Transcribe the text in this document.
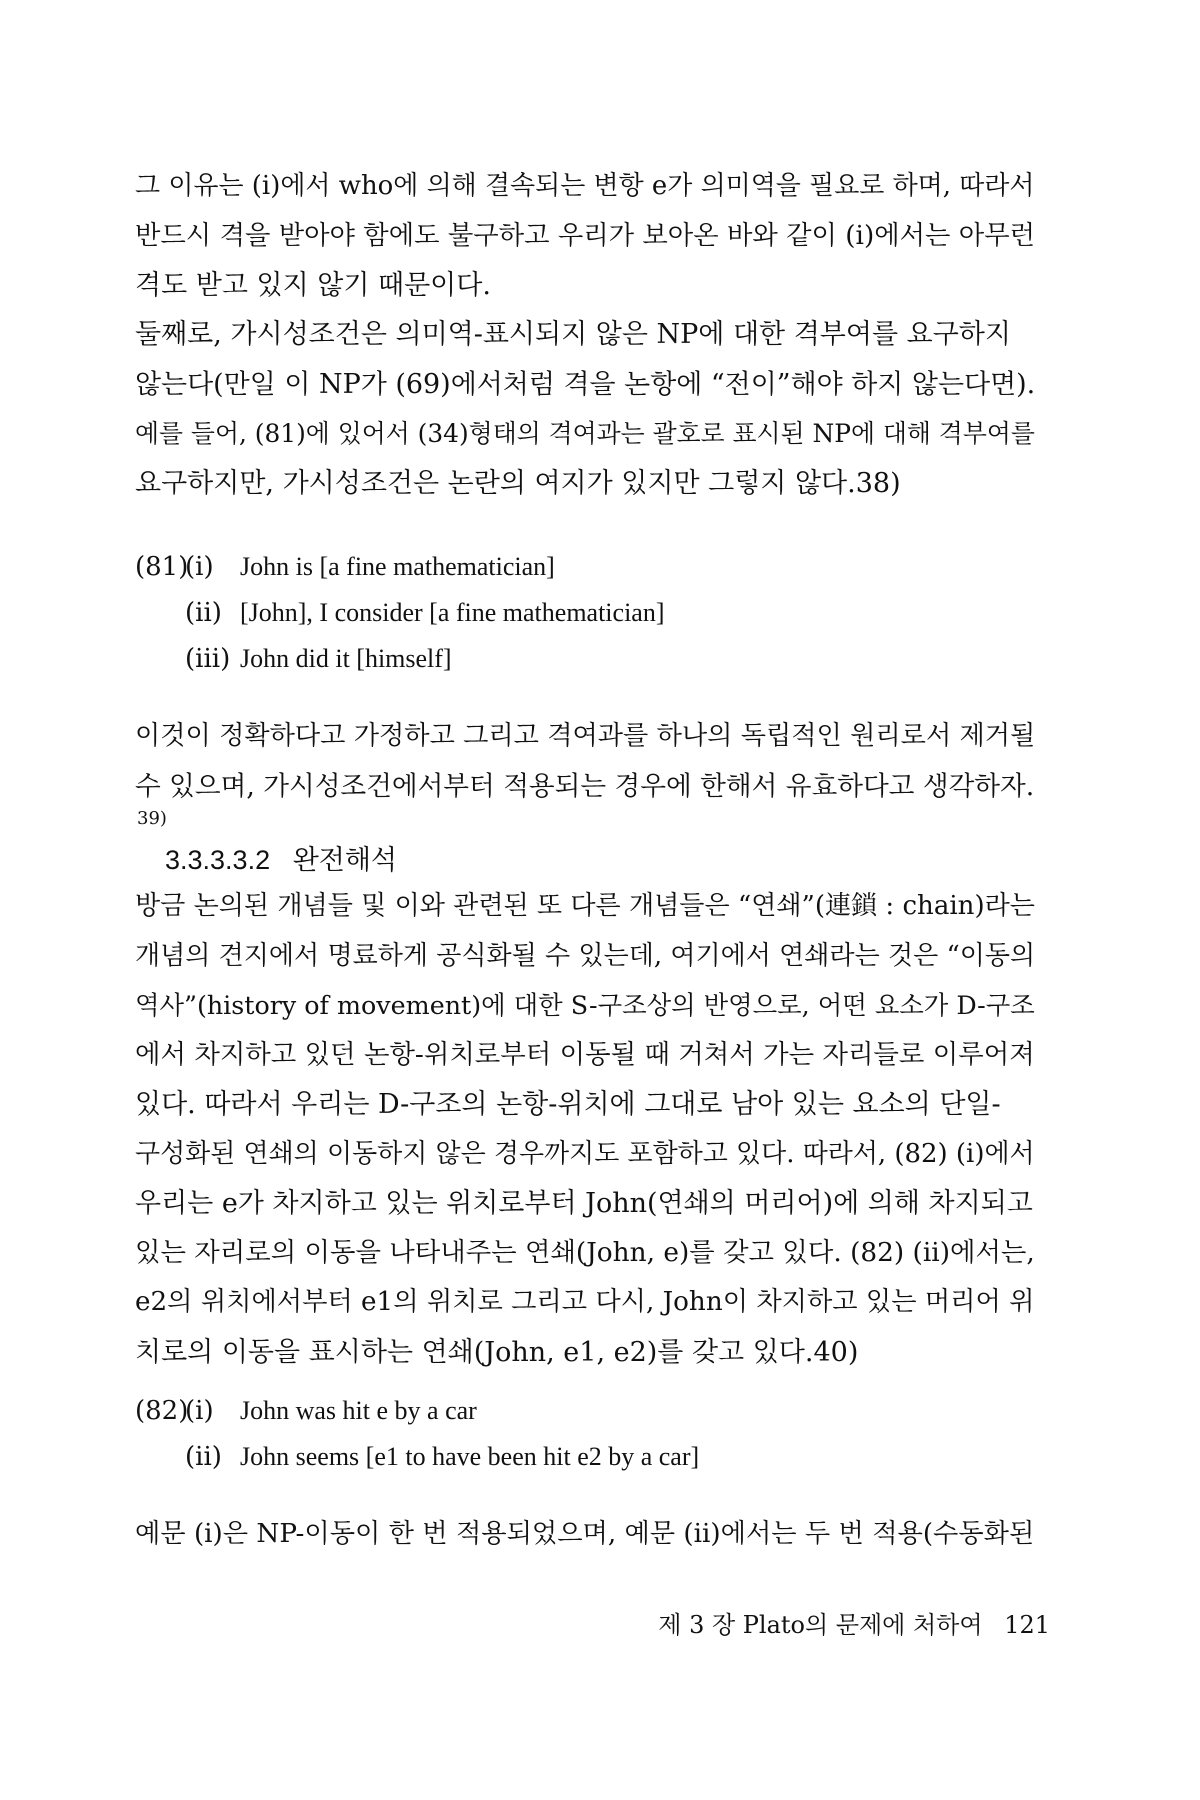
그 이유는 (i)에서 who에 의해 결속되는 변항 e가 의미역을 필요로 하며, 따라서
반드시 격을 받아야 함에도 불구하고 우리가 보아온 바와 같이 (i)에서는 아무런
격도 받고 있지 않기 때문이다.

둘째로, 가시성조건은 의미역-표시되지 않은 NP에 대한 격부여를 요구하지
않는다(만일 이 NP가 (69)에서처럼 격을 논항에 “전이”해야 하지 않는다면).
예를 들어, (81)에 있어서 (34)형태의 격여과는 괄호로 표시된 NP에 대해 격부여를
요구하지만, 가시성조건은 논란의 여지가 있지만 그렇지 않다.38)

(81)
(i) John is [a fine mathematician]
(ii) [John], I consider [a fine mathematician]
(iii) John did it [himself]

이것이 정확하다고 가정하고 그리고 격여과를 하나의 독립적인 원리로서 제거될
수 있으며, 가시성조건에서부터 적용되는 경우에 한해서 유효하다고 생각하자.

39)
3.3.3.3.2 완전해석

방금 논의된 개념들 및 이와 관련된 또 다른 개념들은 “연쇄”(連鎖 : chain)라는
개념의 견지에서 명료하게 공식화될 수 있는데, 여기에서 연쇄라는 것은 “이동의
역사”(history of movement)에 대한 S-구조상의 반영으로, 어떤 요소가 D-구조
에서 차지하고 있던 논항-위치로부터 이동될 때 거쳐서 가는 자리들로 이루어져
있다. 따라서 우리는 D-구조의 논항-위치에 그대로 남아 있는 요소의 단일-
구성화된 연쇄의 이동하지 않은 경우까지도 포함하고 있다. 따라서, (82) (i)에서
우리는 e가 차지하고 있는 위치로부터 John(연쇄의 머리어)에 의해 차지되고
있는 자리로의 이동을 나타내주는 연쇄(John, e)를 갖고 있다. (82) (ii)에서는,
e2의 위치에서부터 e1의 위치로 그리고 다시, John이 차지하고 있는 머리어 위
치로의 이동을 표시하는 연쇄(John, e1, e2)를 갖고 있다.40)

(82)
(i) John was hit e by a car
(ii) John seems [e1 to have been hit e2 by a car]

예문 (i)은 NP-이동이 한 번 적용되었으며, 예문 (ii)에서는 두 번 적용(수동화된

제 3 장 Plato의 문제에 처하여 121
